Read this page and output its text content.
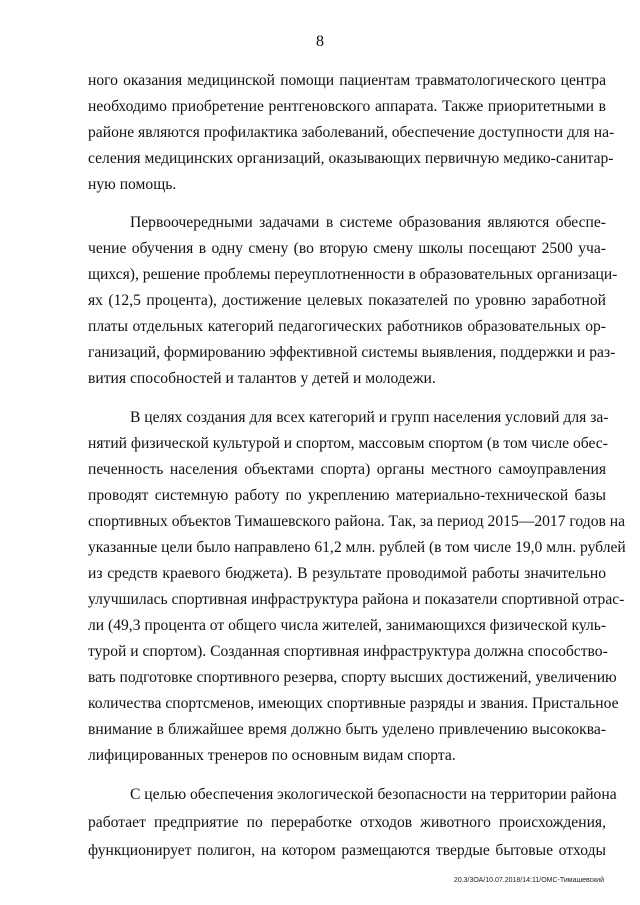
8
ного оказания медицинской помощи пациентам травматологического центра
необходимо приобретение рентгеновского аппарата. Также приоритетными в
районе являются профилактика заболеваний, обеспечение доступности для на-
селения медицинских организаций, оказывающих первичную медико-санитар-
ную помощь.
Первоочередными задачами в системе образования являются обеспе-
чение обучения в одну смену (во вторую смену школы посещают 2500 уча-
щихся), решение проблемы переуплотненности в образовательных организаци-
ях (12,5 процента), достижение целевых показателей по уровню заработной
платы отдельных категорий педагогических работников образовательных ор-
ганизаций, формированию эффективной системы выявления, поддержки и раз-
вития способностей и талантов у детей и молодежи.
В целях создания для всех категорий и групп населения условий для за-
нятий физической культурой и спортом, массовым спортом (в том числе обес-
печенность населения объектами спорта) органы местного самоуправления
проводят системную работу по укреплению материально-технической базы
спортивных объектов Тимашевского района. Так, за период 2015—2017 годов на
указанные цели было направлено 61,2 млн. рублей (в том числе 19,0 млн. рублей
из средств краевого бюджета). В результате проводимой работы значительно
улучшилась спортивная инфраструктура района и показатели спортивной отрас-
ли (49,3 процента от общего числа жителей, занимающихся физической куль-
турой и спортом). Созданная спортивная инфраструктура должна способство-
вать подготовке спортивного резерва, спорту высших достижений, увеличению
количества спортсменов, имеющих спортивные разряды и звания. Пристальное
внимание в ближайшее время должно быть уделено привлечению высококва-
лифицированных тренеров по основным видам спорта.
С целью обеспечения экологической безопасности на территории района
работает предприятие по переработке отходов животного происхождения,
функционирует полигон, на котором размещаются твердые бытовые отходы
20.3/3ОА/10.07.2018/14:11/ОМС-Тимашевский
